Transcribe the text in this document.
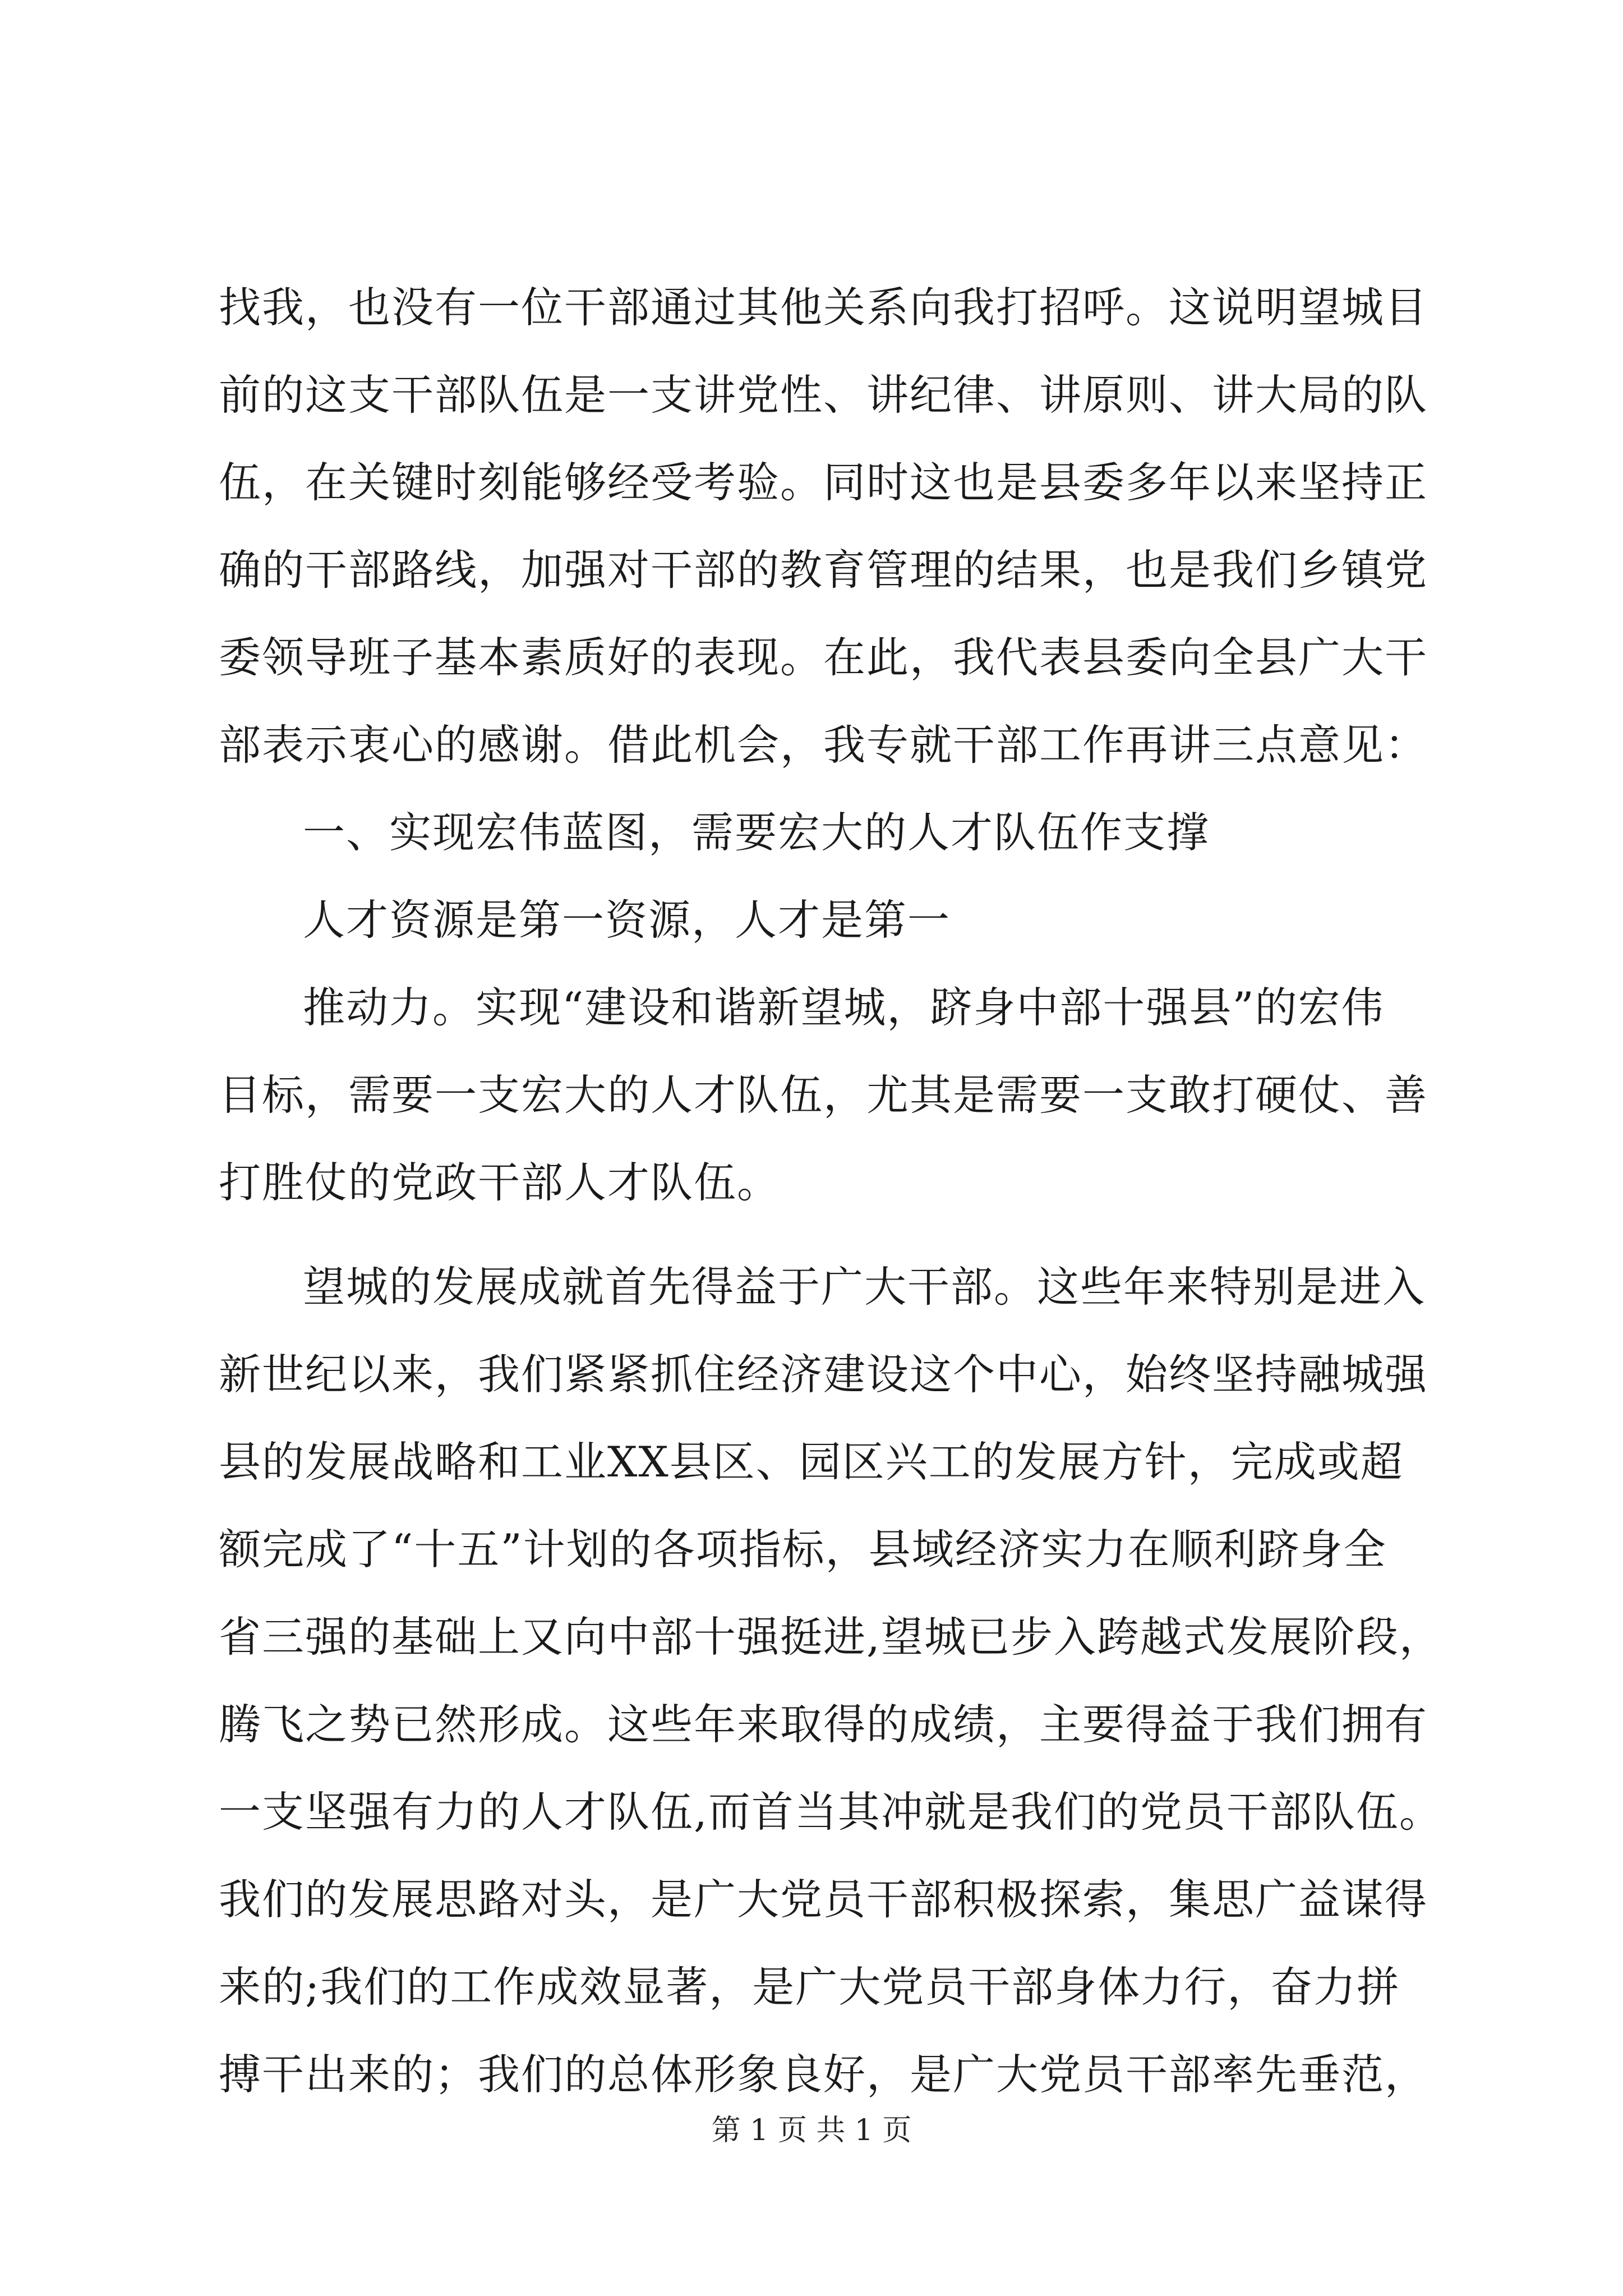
找我，也没有一位干部通过其他关系向我打招呼。这说明望城目
前的这支干部队伍是一支讲党性、讲纪律、讲原则、讲大局的队
伍，在关键时刻能够经受考验。同时这也是县委多年以来坚持正
确的干部路线，加强对干部的教育管理的结果，也是我们乡镇党
委领导班子基本素质好的表现。在此，我代表县委向全县广大干
部表示衷心的感谢。借此机会，我专就干部工作再讲三点意见：
一、实现宏伟蓝图，需要宏大的人才队伍作支撑
人才资源是第一资源，人才是第一
推动力。实现“建设和谐新望城，跻身中部十强县”的宏伟
目标，需要一支宏大的人才队伍，尤其是需要一支敢打硬仗、善
打胜仗的党政干部人才队伍。
望城的发展成就首先得益于广大干部。这些年来特别是进入
新世纪以来，我们紧紧抓住经济建设这个中心，始终坚持融城强
县的发展战略和工业XX县区、园区兴工的发展方针，完成或超
额完成了“十五”计划的各项指标，县域经济实力在顺利跻身全
省三强的基础上又向中部十强挺进,望城已步入跨越式发展阶段，
腾飞之势已然形成。这些年来取得的成绩，主要得益于我们拥有
一支坚强有力的人才队伍,而首当其冲就是我们的党员干部队伍。
我们的发展思路对头，是广大党员干部积极探索，集思广益谋得
来的;我们的工作成效显著，是广大党员干部身体力行，奋力拼
搏干出来的；我们的总体形象良好，是广大党员干部率先垂范，
第 1 页 共 1 页
